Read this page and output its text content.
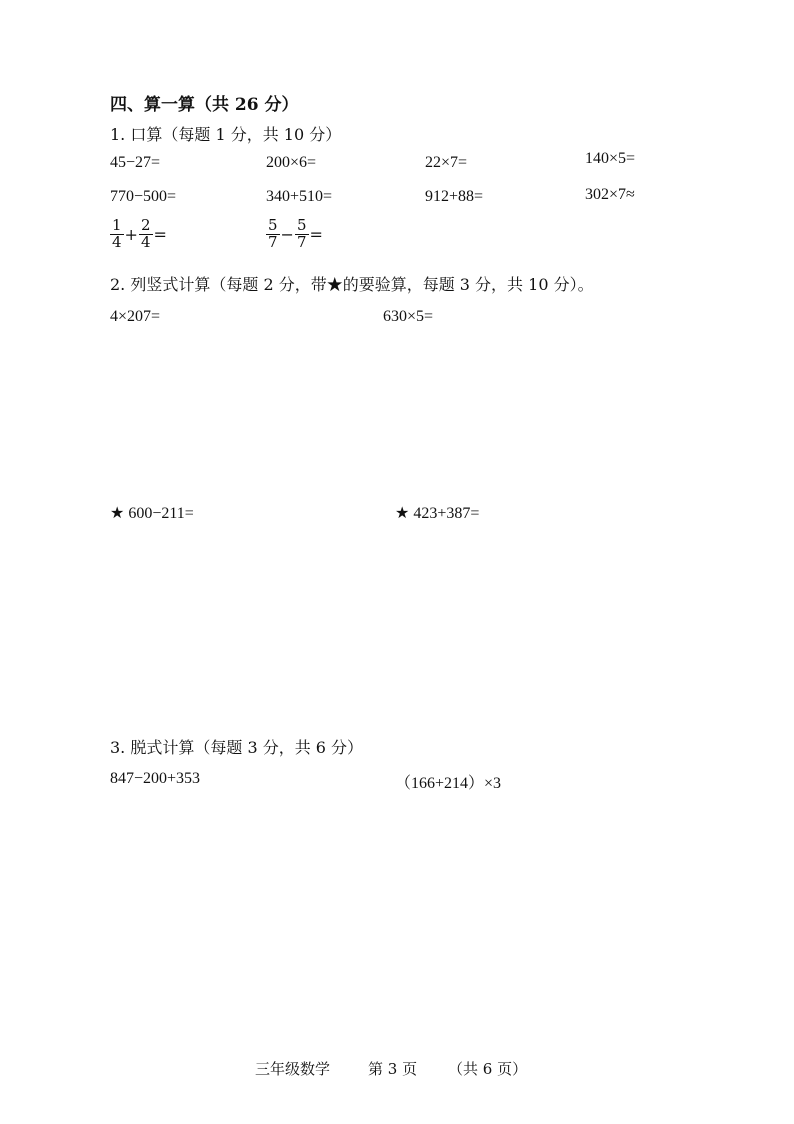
四、算一算（共 26 分）
1. 口算（每题 1 分，共 10 分）
45−27=	200×6=	22×7=	140×5=
770−500=	340+510=	912+88=	302×7≈
$\frac{1}{4} + \frac{2}{4}$ =	$\frac{5}{7} - \frac{5}{7}$ =
2. 列竖式计算（每题 2 分，带★的要验算，每题 3 分，共 10 分）。
4×207=	630×5=
★ 600−211=	★ 423+387=
3. 脱式计算（每题 3 分，共 6 分）
847−200+353	（166+214）×3
三年级数学	第 3 页 （共 6 页）
